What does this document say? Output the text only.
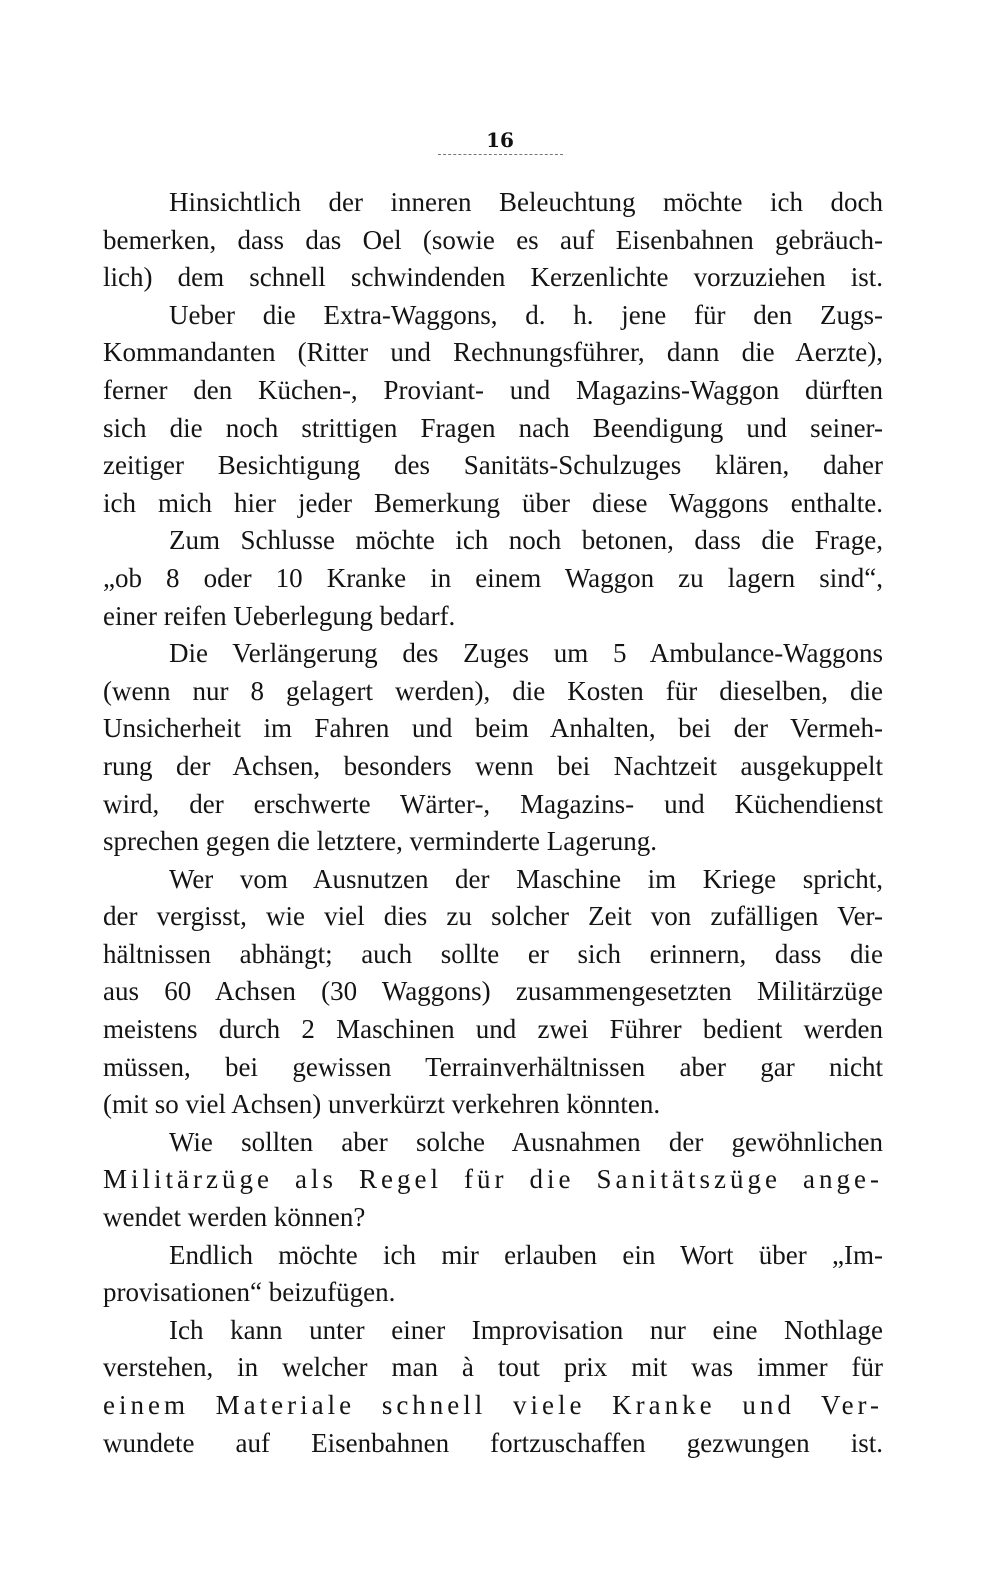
16
Hinsichtlich der inneren Beleuchtung möchte ich doch
bemerken, dass das Oel (sowie es auf Eisenbahnen gebräuch-
lich) dem schnell schwindenden Kerzenlichte vorzuziehen ist.
Ueber die Extra-Waggons, d. h. jene für den Zugs-
Kommandanten (Ritter und Rechnungsführer, dann die Aerzte),
ferner den Küchen-, Proviant- und Magazins-Waggon dürften
sich die noch strittigen Fragen nach Beendigung und seiner-
zeitiger Besichtigung des Sanitäts-Schulzuges klären, daher
ich mich hier jeder Bemerkung über diese Waggons enthalte.
Zum Schlusse möchte ich noch betonen, dass die Frage,
„ob 8 oder 10 Kranke in einem Waggon zu lagern sind“,
einer reifen Ueberlegung bedarf.
Die Verlängerung des Zuges um 5 Ambulance-Waggons
(wenn nur 8 gelagert werden), die Kosten für dieselben, die
Unsicherheit im Fahren und beim Anhalten, bei der Vermeh-
rung der Achsen, besonders wenn bei Nachtzeit ausgekuppelt
wird, der erschwerte Wärter-, Magazins- und Küchendienst
sprechen gegen die letztere, verminderte Lagerung.
Wer vom Ausnutzen der Maschine im Kriege spricht,
der vergisst, wie viel dies zu solcher Zeit von zufälligen Ver-
hältnissen abhängt; auch sollte er sich erinnern, dass die
aus 60 Achsen (30 Waggons) zusammengesetzten Militärzüge
meistens durch 2 Maschinen und zwei Führer bedient werden
müssen, bei gewissen Terrainverhältnissen aber gar nicht
(mit so viel Achsen) unverkürzt verkehren könnten.
Wie sollten aber solche Ausnahmen der gewöhnlichen
Militärzüge als Regel für die Sanitätszüge ange-
wendet werden können?
Endlich möchte ich mir erlauben ein Wort über „Im-
provisationen“ beizufügen.
Ich kann unter einer Improvisation nur eine Nothlage
verstehen, in welcher man à tout prix mit was immer für
einem Materiale schnell viele Kranke und Ver-
wundete auf Eisenbahnen fortzuschaffen gezwungen ist.
